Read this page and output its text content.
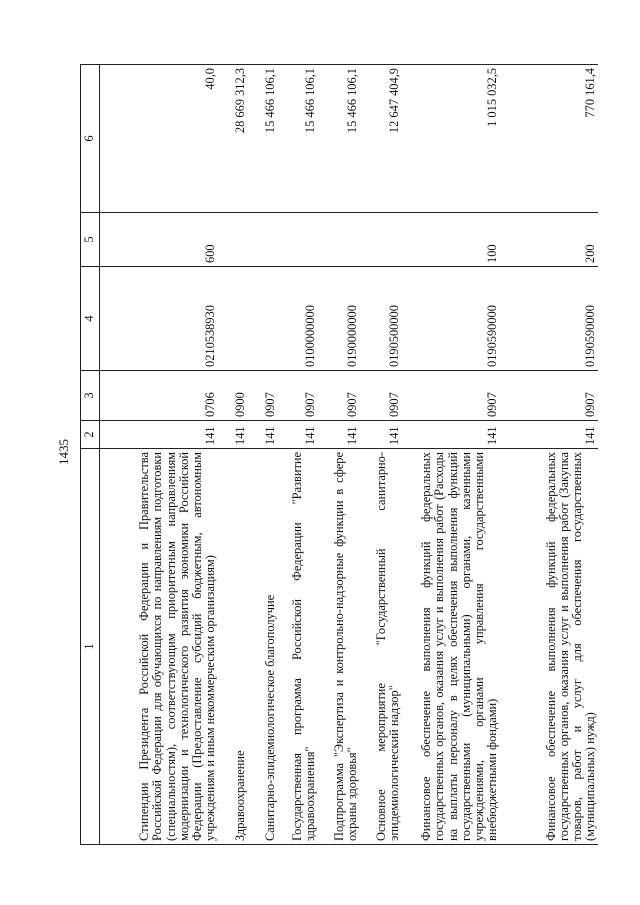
1435
1	2	3	4	5	6
Стипендии Президента Российской Федерации и Правительства Российской Федерации для обучающихся по направлениям подготовки (специальностям), соответствующим приоритетным направлениям модернизации и технологического развития экономики Российской Федерации (Предоставление субсидий бюджетным, автономным учреждениям и иным некоммерческим организациям)	141	0706	0210538930	600	40,0
Здравоохранение	141	0900			28 669 312,3
Санитарно-эпидемиологическое благополучие	141	0907			15 466 106,1
Государственная программа Российской Федерации "Развитие здравоохранения"	141	0907	0100000000		15 466 106,1
Подпрограмма "Экспертиза и контрольно-надзорные функции в сфере охраны здоровья"	141	0907	0190000000		15 466 106,1
Основное мероприятие "Государственный санитарно-эпидемиологический надзор"	141	0907	0190500000		12 647 404,9
Финансовое обеспечение выполнения функций федеральных государственных органов, оказания услуг и выполнения работ (Расходы на выплаты персоналу в целях обеспечения выполнения функций государственными (муниципальными) органами, казенными учреждениями, органами управления государственными внебюджетными фондами)	141	0907	0190590000	100	1 015 032,5
Финансовое обеспечение выполнения функций федеральных государственных органов, оказания услуг и выполнения работ (Закупка товаров, работ и услуг для обеспечения государственных (муниципальных) нужд)	141	0907	0190590000	200	770 161,4
